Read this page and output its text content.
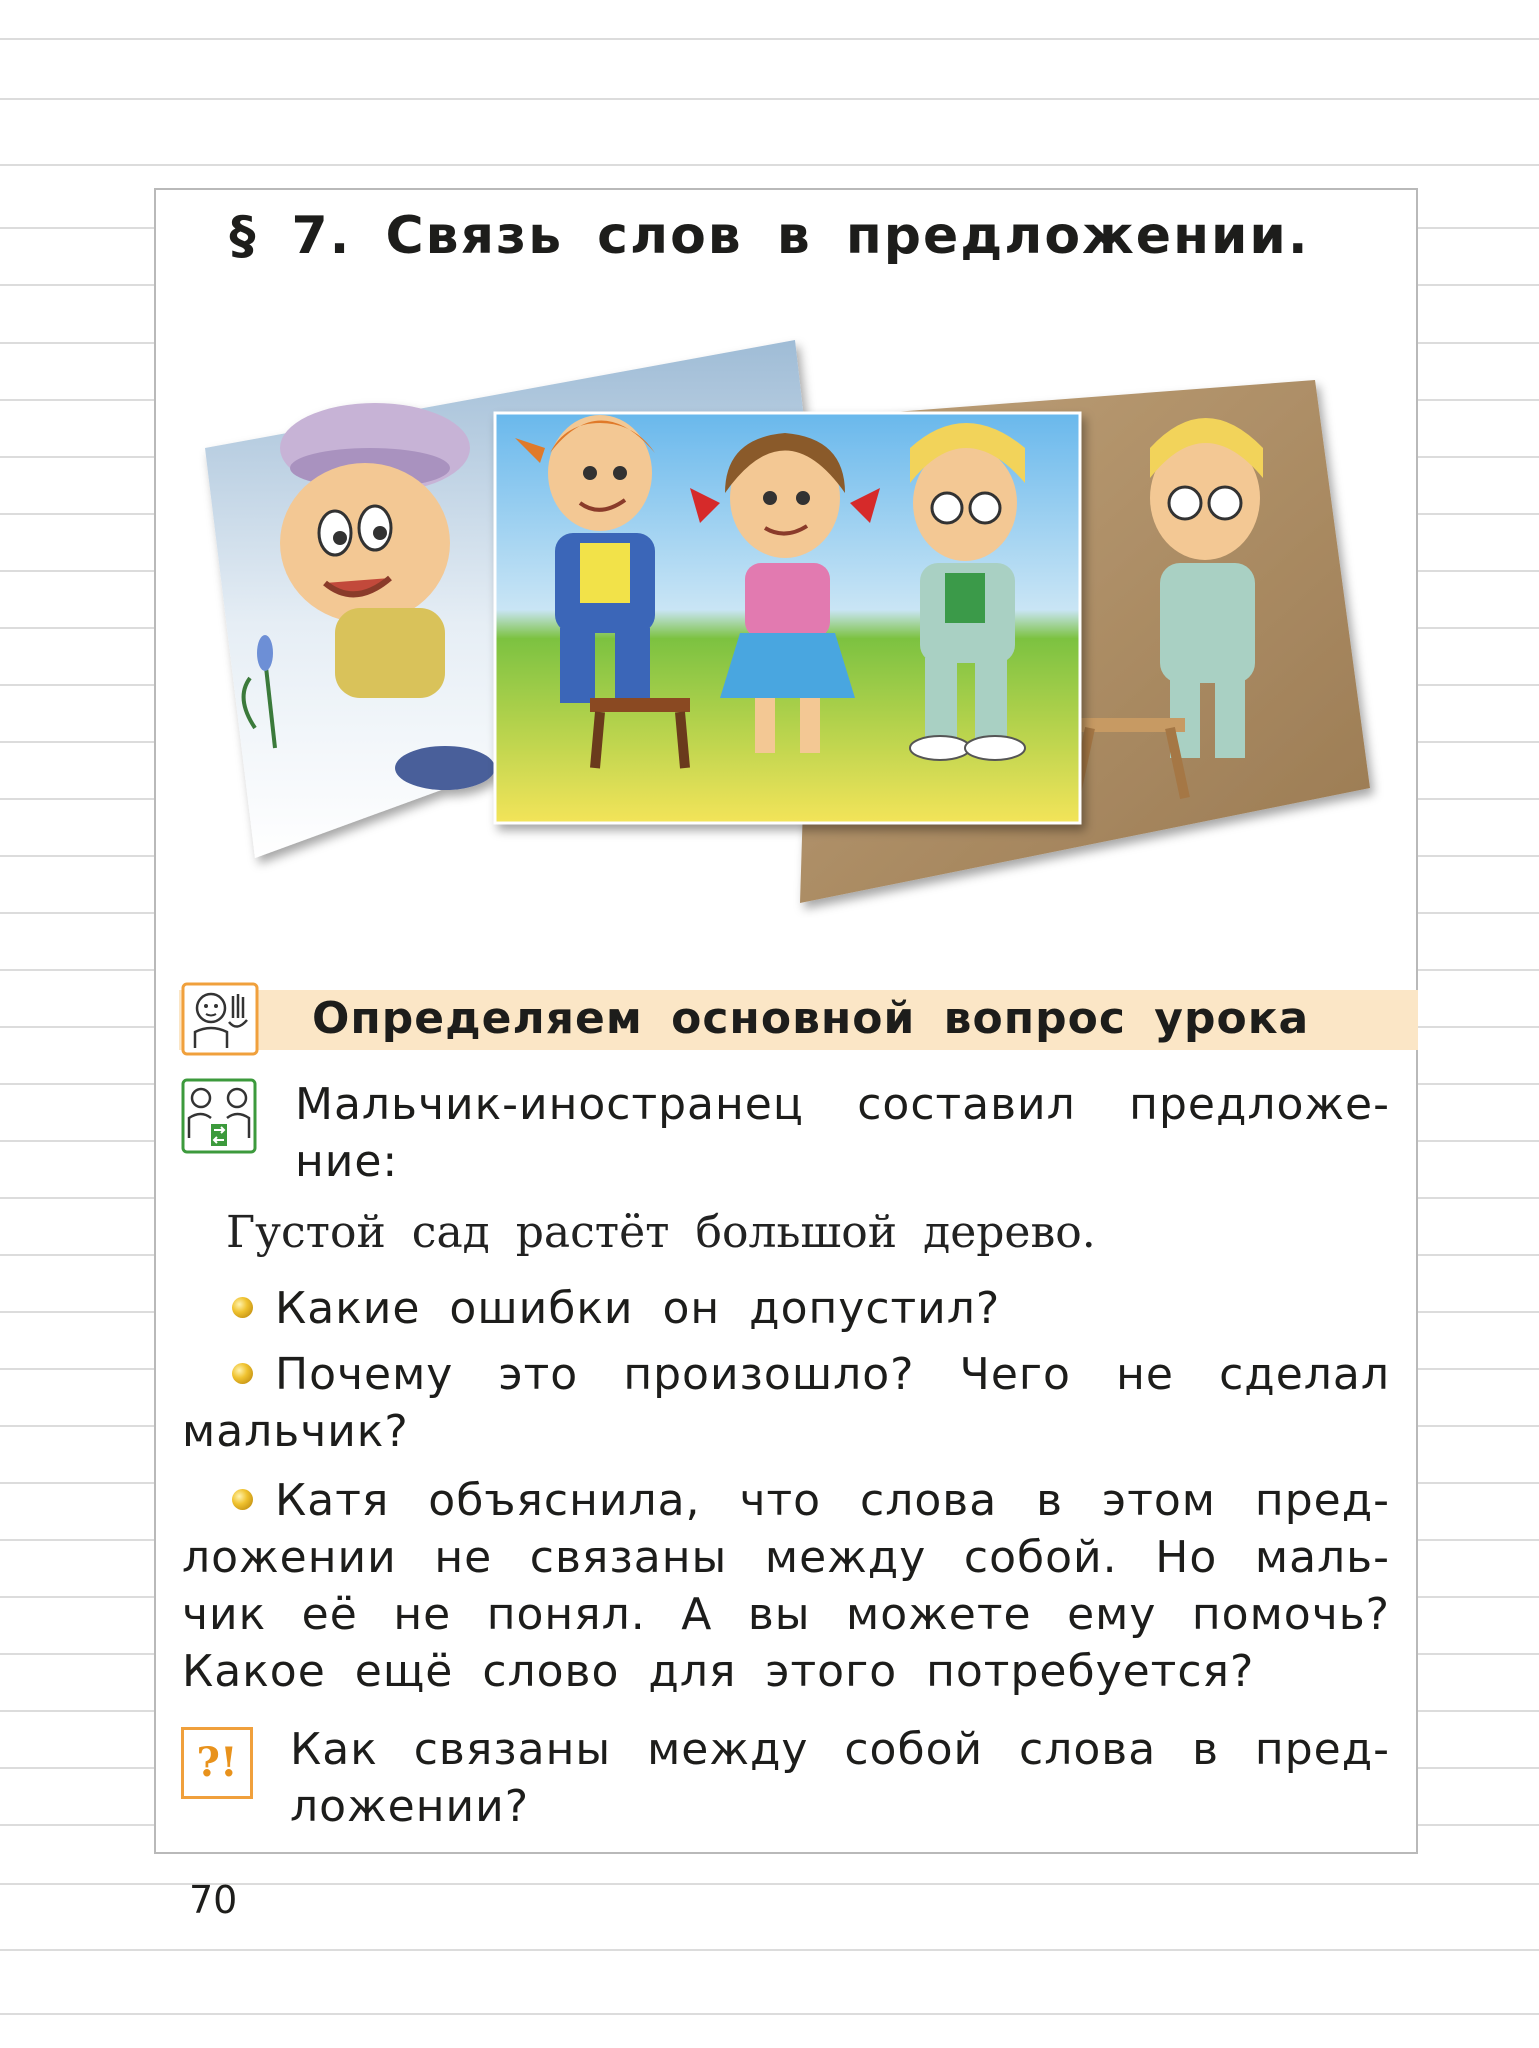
§ 7. Связь слов в предложении.
Определяем основной вопрос урока
Мальчик-иностранец составил предложе-
ние:
Густой сад растёт большой дерево.
Какие ошибки он допустил?
Почему это произошло? Чего не сделал
мальчик?
Катя объяснила, что слова в этом пред-
ложении не связаны между собой. Но маль-
чик её не понял. А вы можете ему помочь?
Какое ещё слово для этого потребуется?
?!	Как связаны между собой слова в пред-
ложении?
70
